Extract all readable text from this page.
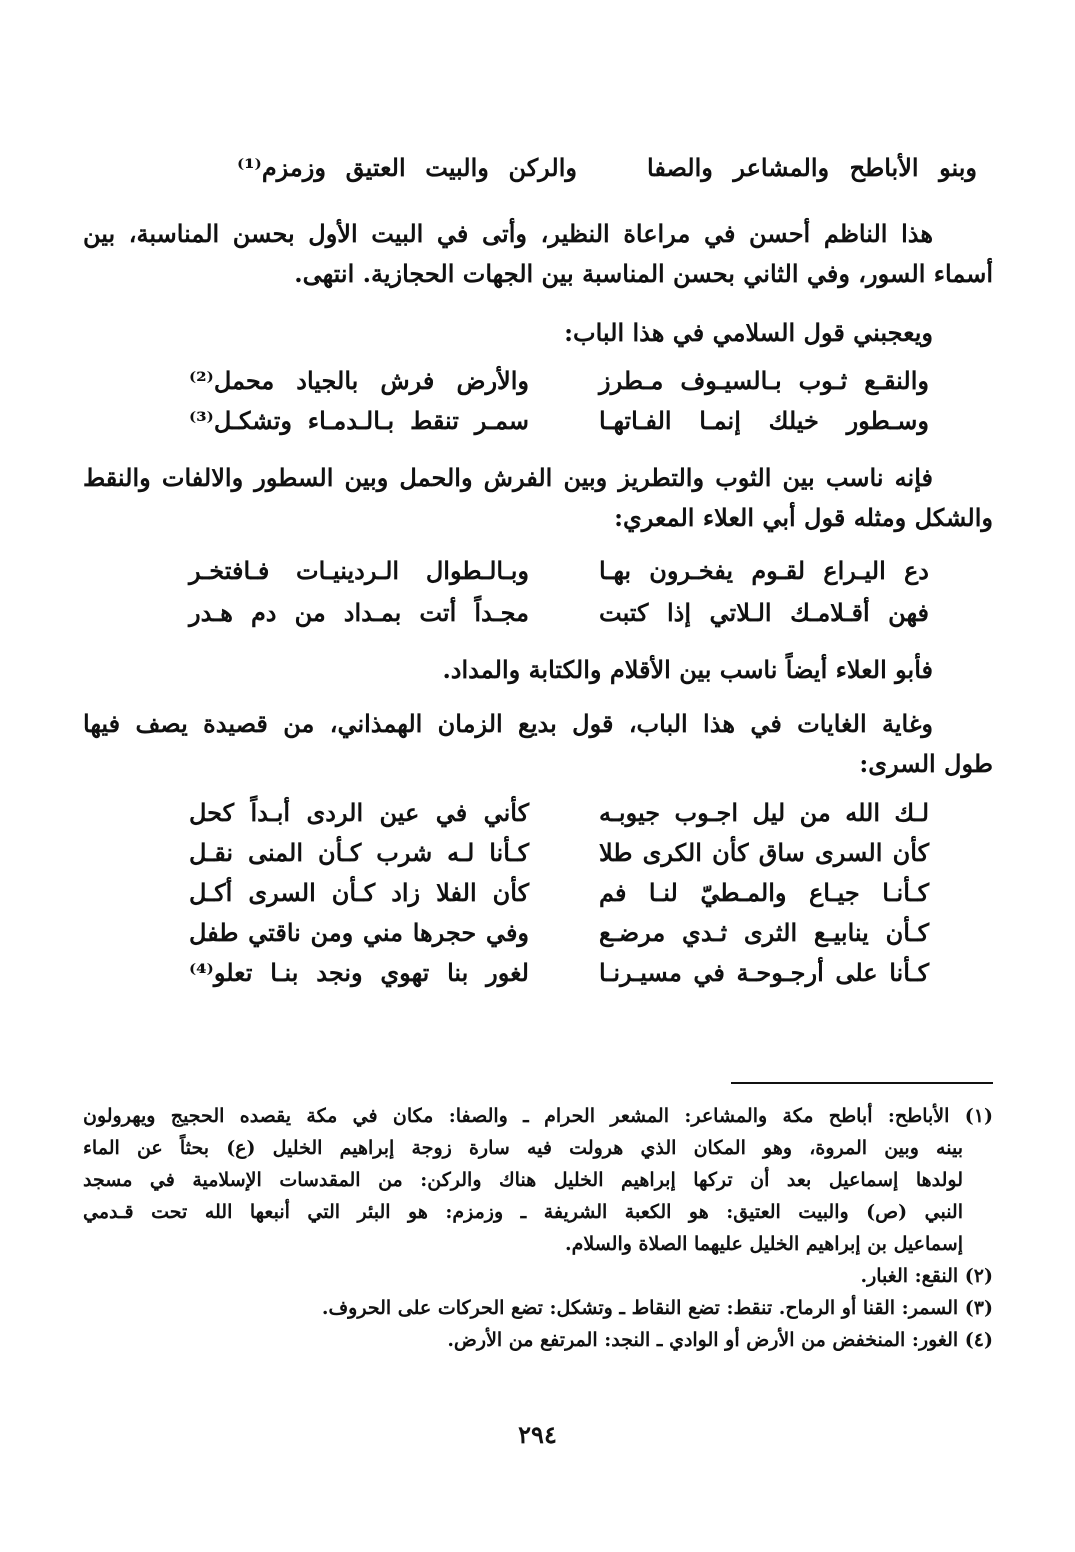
وبنو الأباطح والمشاعر والصفا
والركن والبيت العتيق وزمزم⁽¹⁾
هذا الناظم أحسن في مراعاة النظير، وأتى في البيت الأول بحسن المناسبة، بين
أسماء السور، وفي الثاني بحسن المناسبة بين الجهات الحجازية. انتهى.
ويعجبني قول السلامي في هذا الباب:
والنقـع ثـوب بـالسيـوف مـطرز
والأرض فرش بالجياد محمل⁽²⁾
وسـطور خيلك إنمـا الفـاتهـا
سمـر تنقط بـالـدمـاء وتشكـل⁽³⁾
فإنه ناسب بين الثوب والتطريز وبين الفرش والحمل وبين السطور والالفات والنقط
والشكل ومثله قول أبي العلاء المعري:
دع اليـراع لقـوم يفخـرون بهـا
وبـالـطوال الـردينيـات فـافتخـر
فهن أقـلامـك الـلاتي إذا كتبت
مجـداً أتت بمـداد من دم هـدر
فأبو العلاء أيضاً ناسب بين الأقلام والكتابة والمداد.
وغاية الغايات في هذا الباب، قول بديع الزمان الهمذاني، من قصيدة يصف فيها
طول السرى:
لـك الله من ليل اجـوب جيوبـه
كأني في عين الردى أبـداً كحل
كأن السرى ساق كأن الكرى طلا
كـأنا لـه شرب كـأن المنى نقـل
كـأنـا جيـاع والمـطيّ لنـا فم
كأن الفلا زاد كـأن السرى أكـل
كـأن ينابيـع الثرى ثـدي مرضـع
وفي حجرها مني ومن ناقتي طفل
كـأنا على أرجـوحـة في مسيـرنـا
لغور بنا تهوي ونجد بنـا تعلو⁽⁴⁾
(١) الأباطح: أباطح مكة والمشاعر: المشعر الحرام ـ والصفا: مكان في مكة يقصده الحجيج ويهرولون
بينه وبين المروة، وهو المكان الذي هرولت فيه سارة زوجة إبراهيم الخليل (ع) بحثاً عن الماء
لولدها إسماعيل بعد أن تركها إبراهيم الخليل هناك والركن: من المقدسات الإسلامية في مسجد
النبي (ص) والبيت العتيق: هو الكعبة الشريفة ـ وزمزم: هو البئر التي أنبعها الله تحت قـدمي
إسماعيل بن إبراهيم الخليل عليهما الصلاة والسلام.
(٢) النقع: الغبار.
(٣) السمر: القنا أو الرماح. تنقط: تضع النقاط ـ وتشكل: تضع الحركات على الحروف.
(٤) الغور: المنخفض من الأرض أو الوادي ـ النجد: المرتفع من الأرض.
٢٩٤
